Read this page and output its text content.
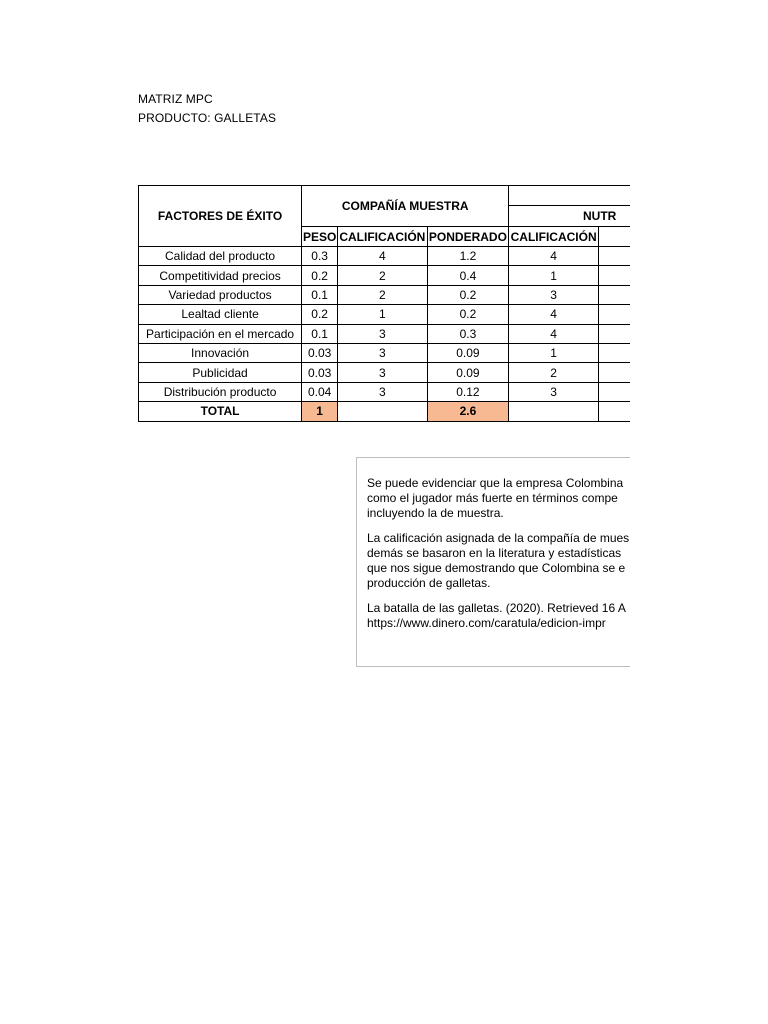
MATRIZ MPC
PRODUCTO: GALLETAS
FACTORES DE ÉXITO	COMPAÑÍA MUESTRA				
				NUTR	
	PESO	CALIFICACIÓN	PONDERADO	CALIFICACIÓN	
Calidad del producto	0.3	4	1.2	4	
Competitividad precios	0.2	2	0.4	1	
Variedad productos	0.1	2	0.2	3	
Lealtad cliente	0.2	1	0.2	4	
Participación en el mercado	0.1	3	0.3	4	
Innovación	0.03	3	0.09	1	
Publicidad	0.03	3	0.09	2	
Distribución producto	0.04	3	0.12	3	
TOTAL	1		2.6		

Se puede evidenciar que la empresa Colombina
como el jugador más fuerte en términos compe
incluyendo la de muestra.

La calificación asignada de la compañía de mues
demás se basaron en la literatura y estadísticas
que nos sigue demostrando que Colombina se e
producción de galletas.

La batalla de las galletas. (2020). Retrieved 16 A
https://www.dinero.com/caratula/edicion-impr
